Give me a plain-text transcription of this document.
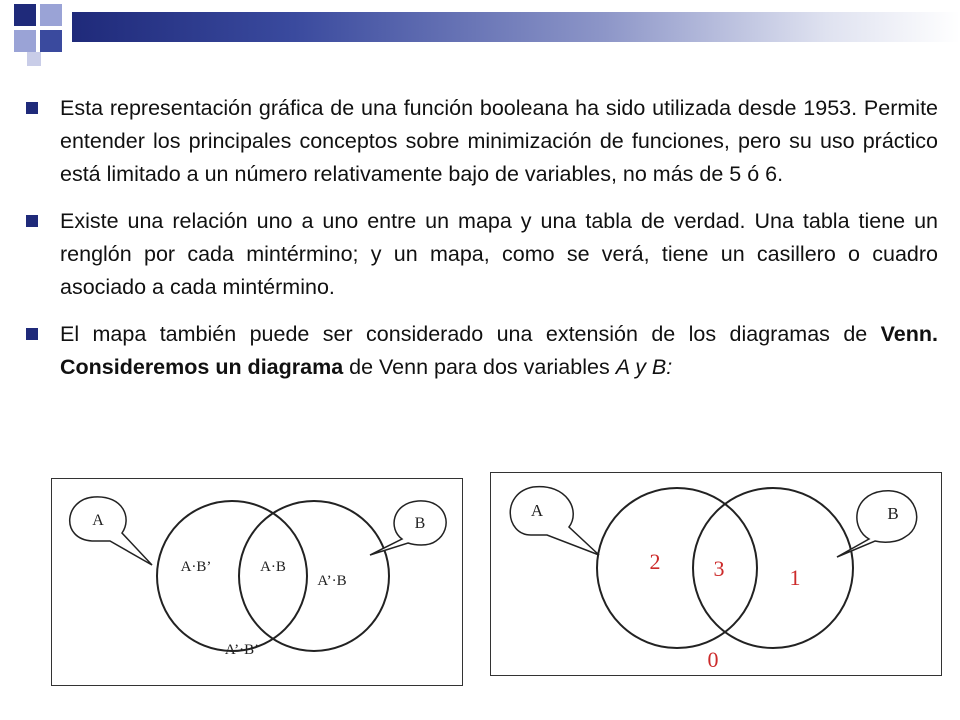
Esta representación gráfica de una función booleana ha sido utilizada desde 1953. Permite entender los principales conceptos sobre minimización de funciones, pero su uso práctico está limitado a un número relativamente bajo de variables, no más de 5 ó 6.
Existe una relación uno a uno entre un mapa y una tabla de verdad. Una tabla tiene un renglón por cada mintérmino; y un mapa, como se verá, tiene un casillero o cuadro asociado a cada mintérmino.
El mapa también puede ser considerado una extensión de los diagramas de Venn. Consideremos un diagrama de Venn para dos variables A y B:
A	B
A·B’	A·B
A’·B
A’·B’
A	B
2 3	1
0
